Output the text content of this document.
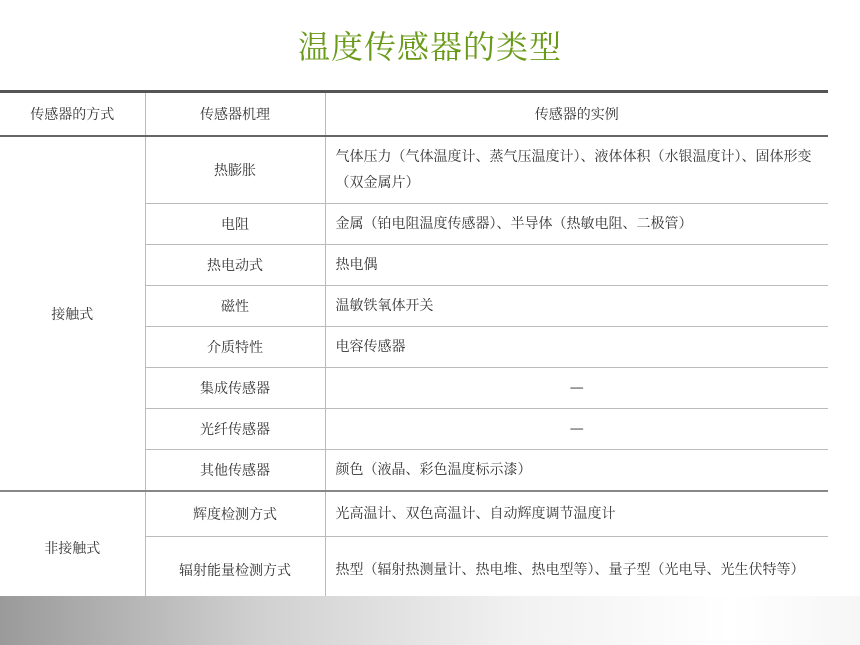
温度传感器的类型
传感器的方式	传感器机理	传感器的实例
接触式	热膨胀	气体压力（气体温度计、蒸气压温度计）、液体体积（水银温度计）、固体形变（双金属片）
	电阻	金属（铂电阻温度传感器）、半导体（热敏电阻、二极管）
	热电动式	热电偶
	磁性	温敏铁氧体开关
	介质特性	电容传感器
	集成传感器	—
	光纤传感器	—
	其他传感器	颜色（液晶、彩色温度标示漆）
非接触式	辉度检测方式	光高温计、双色高温计、自动辉度调节温度计
	辐射能量检测方式	热型（辐射热测量计、热电堆、热电型等）、量子型（光电导、光生伏特等）
